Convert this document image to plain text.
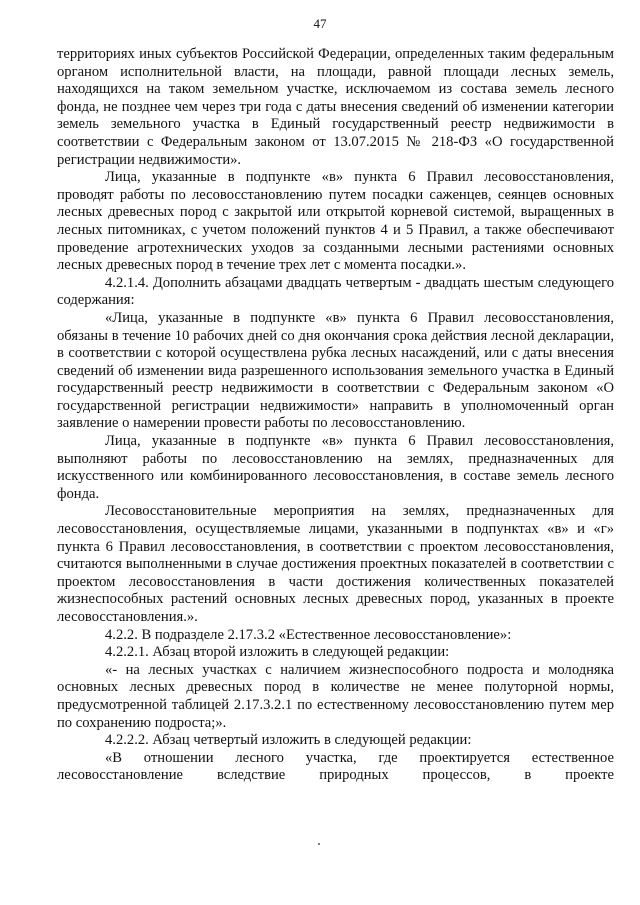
47

территориях иных субъектов Российской Федерации, определенных таким федеральным органом исполнительной власти, на площади, равной площади лесных земель, находящихся на таком земельном участке, исключаемом из состава земель лесного фонда, не позднее чем через три года с даты внесения сведений об изменении категории земель земельного участка в Единый государственный реестр недвижимости в соответствии с Федеральным законом от 13.07.2015 № 218-ФЗ «О государственной регистрации недвижимости».

Лица, указанные в подпункте «в» пункта 6 Правил лесовосстановления, проводят работы по лесовосстановлению путем посадки саженцев, сеянцев основных лесных древесных пород с закрытой или открытой корневой системой, выращенных в лесных питомниках, с учетом положений пунктов 4 и 5 Правил, а также обеспечивают проведение агротехнических уходов за созданными лесными растениями основных лесных древесных пород в течение трех лет с момента посадки.».

4.2.1.4. Дополнить абзацами двадцать четвертым - двадцать шестым следующего содержания:

«Лица, указанные в подпункте «в» пункта 6 Правил лесовосстановления, обязаны в течение 10 рабочих дней со дня окончания срока действия лесной декларации, в соответствии с которой осуществлена рубка лесных насаждений, или с даты внесения сведений об изменении вида разрешенного использования земельного участка в Единый государственный реестр недвижимости в соответствии с Федеральным законом «О государственной регистрации недвижимости» направить в уполномоченный орган заявление о намерении провести работы по лесовосстановлению.

Лица, указанные в подпункте «в» пункта 6 Правил лесовосстановления, выполняют работы по лесовосстановлению на землях, предназначенных для искусственного или комбинированного лесовосстановления, в составе земель лесного фонда.

Лесовосстановительные мероприятия на землях, предназначенных для лесовосстановления, осуществляемые лицами, указанными в подпунктах «в» и «г» пункта 6 Правил лесовосстановления, в соответствии с проектом лесовосстановления, считаются выполненными в случае достижения проектных показателей в соответствии с проектом лесовосстановления в части достижения количественных показателей жизнеспособных растений основных лесных древесных пород, указанных в проекте лесовосстановления.».

4.2.2. В подразделе 2.17.3.2 «Естественное лесовосстановление»:

4.2.2.1. Абзац второй изложить в следующей редакции:

«- на лесных участках с наличием жизнеспособного подроста и молодняка основных лесных древесных пород в количестве не менее полуторной нормы, предусмотренной таблицей 2.17.3.2.1 по естественному лесовосстановлению путем мер по сохранению подроста;».

4.2.2.2. Абзац четвертый изложить в следующей редакции:

«В отношении лесного участка, где проектируется естественное лесовосстановление вследствие природных процессов, в проекте
